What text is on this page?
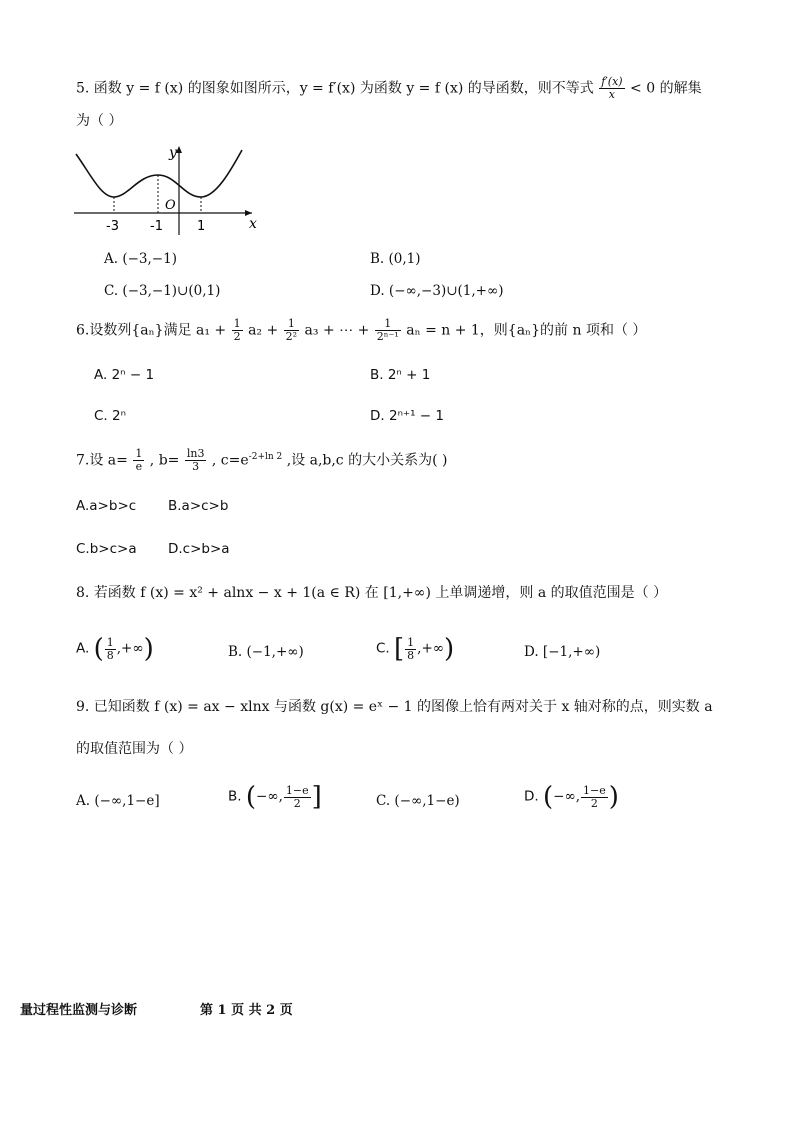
5. 函数 y = f (x) 的图象如图所示，y = f′(x) 为函数 y = f (x) 的导函数，则不等式 $\frac{f'(x)}{x} < 0$ 的解集
为（ ）
y
x
O
-3 -1	1
A. (−3,−1)	B. (0,1)
C. (−3,−1)∪(0,1)	D. (−∞,−3)∪(1,+∞)
6.设数列{aₙ}满足 $a_1 + \frac{1}{2} a_2 + \frac{1}{\text{2²}} a_3$ + ⋯ + $\frac{1}{\text{2ⁿ⁻¹}}$ aₙ = n + 1，则{aₙ}的前 n 项和（ ）
A. 2ⁿ − 1	B. 2ⁿ + 1
C. 2ⁿ	D. 2ⁿ⁺¹ − 1
7.设 $a= \frac{1}{e}$ , $b= \frac{\ln 3}{3}$ , $c=e^{-2+ln 2}$ ,设 a,b,c 的大小关系为( )
A.a>b>c B.a>c>b
C.b>c>a D.c>b>a
8. 若函数 f (x) = x² + alnx − x + 1(a ∈ R) 在 [1,+∞) 上单调递增，则 a 的取值范围是（ ）
A. ( $\frac{1}{8}$ ,+∞)	B. (−1,+∞)	C. [ $\frac{1}{8}$ ,+∞)	D. [−1,+∞)
9. 已知函数 f (x) = ax − xlnx 与函数 g(x) = eˣ − 1 的图像上恰有两对关于 x 轴对称的点，则实数 a
的取值范围为（ ）
A. (−∞,1−e]	B. (−∞, $\frac{1-e}{2}$ ]	C. (−∞,1−e)	D. (−∞, $\frac{1-e}{2}$ )
量过程性监测与诊断	第 1 页 共 2 页
